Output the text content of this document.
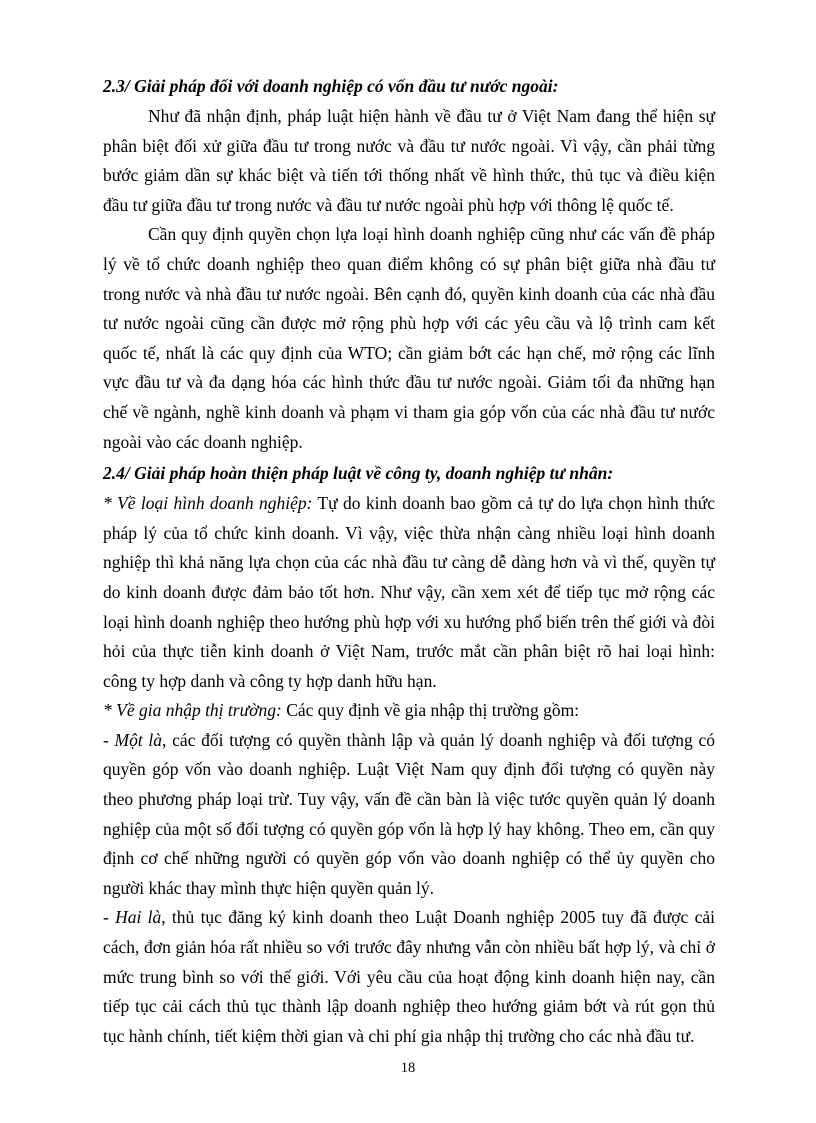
2.3/ Giải pháp đối với doanh nghiệp có vốn đầu tư nước ngoài:

Như đã nhận định, pháp luật hiện hành về đầu tư ở Việt Nam đang thể hiện sự phân biệt đối xử giữa đầu tư trong nước và đầu tư nước ngoài. Vì vậy, cần phải từng bước giảm dần sự khác biệt và tiến tới thống nhất về hình thức, thủ tục và điều kiện đầu tư giữa đầu tư trong nước và đầu tư nước ngoài phù hợp với thông lệ quốc tế.

Cần quy định quyền chọn lựa loại hình doanh nghiệp cũng như các vấn đề pháp lý về tổ chức doanh nghiệp theo quan điểm không có sự phân biệt giữa nhà đầu tư trong nước và nhà đầu tư nước ngoài. Bên cạnh đó, quyền kinh doanh của các nhà đầu tư nước ngoài cũng cần được mở rộng phù hợp với các yêu cầu và lộ trình cam kết quốc tế, nhất là các quy định của WTO; cần giảm bớt các hạn chế, mở rộng các lĩnh vực đầu tư và đa dạng hóa các hình thức đầu tư nước ngoài. Giảm tối đa những hạn chế về ngành, nghề kinh doanh và phạm vi tham gia góp vốn của các nhà đầu tư nước ngoài vào các doanh nghiệp.

2.4/ Giải pháp hoàn thiện pháp luật về công ty, doanh nghiệp tư nhân:

* Về loại hình doanh nghiệp: Tự do kinh doanh bao gồm cả tự do lựa chọn hình thức pháp lý của tổ chức kinh doanh. Vì vậy, việc thừa nhận càng nhiều loại hình doanh nghiệp thì khả năng lựa chọn của các nhà đầu tư càng dễ dàng hơn và vì thế, quyền tự do kinh doanh được đảm bảo tốt hơn. Như vậy, cần xem xét để tiếp tục mở rộng các loại hình doanh nghiệp theo hướng phù hợp với xu hướng phổ biến trên thế giới và đòi hỏi của thực tiễn kinh doanh ở Việt Nam, trước mắt cần phân biệt rõ hai loại hình: công ty hợp danh và công ty hợp danh hữu hạn.

* Về gia nhập thị trường: Các quy định về gia nhập thị trường gồm:

- Một là, các đối tượng có quyền thành lập và quản lý doanh nghiệp và đối tượng có quyền góp vốn vào doanh nghiệp. Luật Việt Nam quy định đối tượng có quyền này theo phương pháp loại trừ. Tuy vậy, vấn đề cần bàn là việc tước quyền quản lý doanh nghiệp của một số đối tượng có quyền góp vốn là hợp lý hay không. Theo em, cần quy định cơ chế những người có quyền góp vốn vào doanh nghiệp có thể ủy quyền cho người khác thay mình thực hiện quyền quản lý.

- Hai là, thủ tục đăng ký kinh doanh theo Luật Doanh nghiệp 2005 tuy đã được cải cách, đơn giản hóa rất nhiều so với trước đây nhưng vẫn còn nhiều bất hợp lý, và chỉ ở mức trung bình so với thế giới. Với yêu cầu của hoạt động kinh doanh hiện nay, cần tiếp tục cải cách thủ tục thành lập doanh nghiệp theo hướng giảm bớt và rút gọn thủ tục hành chính, tiết kiệm thời gian và chi phí gia nhập thị trường cho các nhà đầu tư.

18
